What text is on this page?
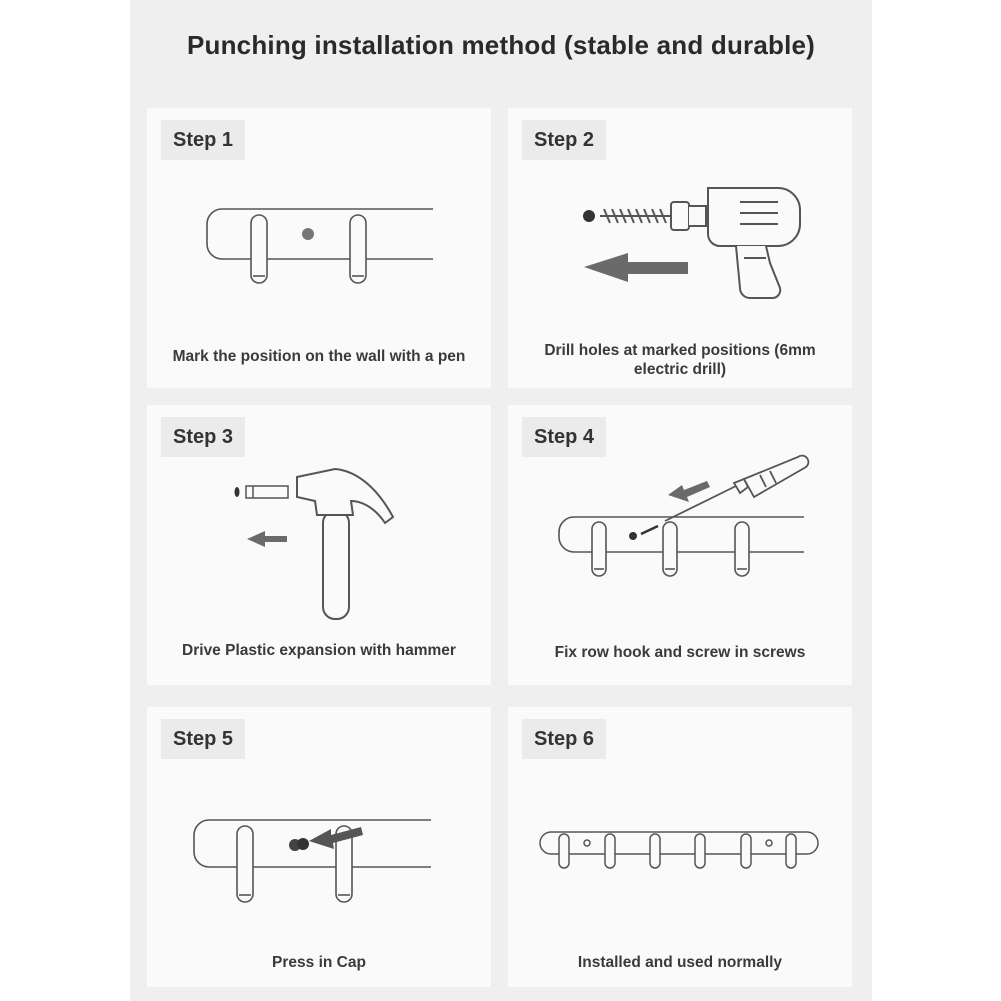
Punching installation method (stable and durable)
Step 1
Mark the position on the wall with a pen
Step 2
Drill holes at marked positions (6mm electric drill)
Step 3
Drive Plastic expansion with hammer
Step 4
Fix row hook and screw in screws
Step 5
Press in Cap
Step 6
Installed and used normally
